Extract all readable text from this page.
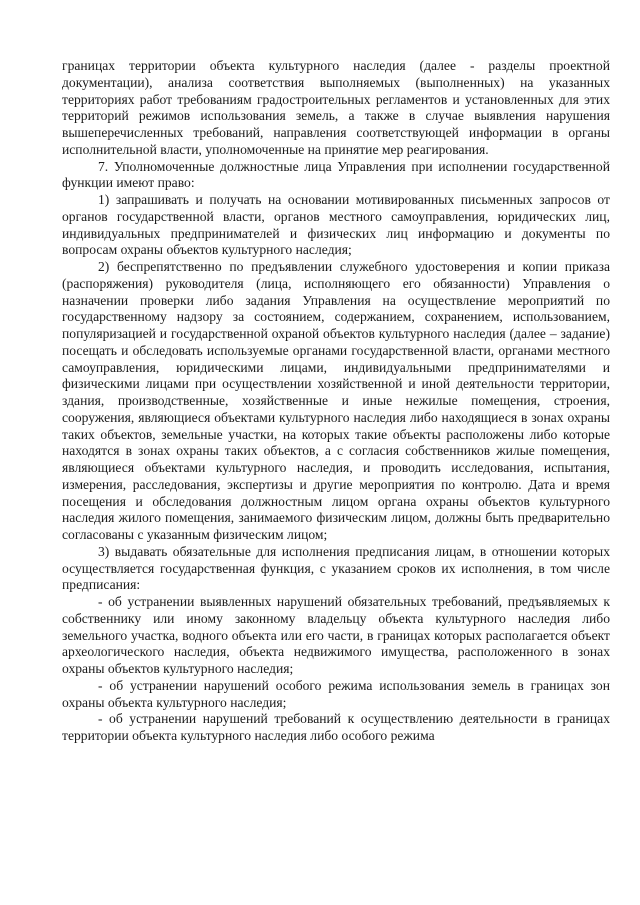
границах территории объекта культурного наследия (далее - разделы проектной документации), анализа соответствия выполняемых (выполненных) на указанных территориях работ требованиям градостроительных регламентов и установленных для этих территорий режимов использования земель, а также в случае выявления нарушения вышеперечисленных требований, направления соответствующей информации в органы исполнительной власти, уполномоченные на принятие мер реагирования.

7. Уполномоченные должностные лица Управления при исполнении государственной функции имеют право:

1) запрашивать и получать на основании мотивированных письменных запросов от органов государственной власти, органов местного самоуправления, юридических лиц, индивидуальных предпринимателей и физических лиц информацию и документы по вопросам охраны объектов культурного наследия;

2) беспрепятственно по предъявлении служебного удостоверения и копии приказа (распоряжения) руководителя (лица, исполняющего его обязанности) Управления о назначении проверки либо задания Управления на осуществление мероприятий по государственному надзору за состоянием, содержанием, сохранением, использованием, популяризацией и государственной охраной объектов культурного наследия (далее – задание) посещать и обследовать используемые органами государственной власти, органами местного самоуправления, юридическими лицами, индивидуальными предпринимателями и физическими лицами при осуществлении хозяйственной и иной деятельности территории, здания, производственные, хозяйственные и иные нежилые помещения, строения, сооружения, являющиеся объектами культурного наследия либо находящиеся в зонах охраны таких объектов, земельные участки, на которых такие объекты расположены либо которые находятся в зонах охраны таких объектов, а с согласия собственников жилые помещения, являющиеся объектами культурного наследия, и проводить исследования, испытания, измерения, расследования, экспертизы и другие мероприятия по контролю. Дата и время посещения и обследования должностным лицом органа охраны объектов культурного наследия жилого помещения, занимаемого физическим лицом, должны быть предварительно согласованы с указанным физическим лицом;

3) выдавать обязательные для исполнения предписания лицам, в отношении которых осуществляется государственная функция, с указанием сроков их исполнения, в том числе предписания:

- об устранении выявленных нарушений обязательных требований, предъявляемых к собственнику или иному законному владельцу объекта культурного наследия либо земельного участка, водного объекта или его части, в границах которых располагается объект археологического наследия, объекта недвижимого имущества, расположенного в зонах охраны объектов культурного наследия;

- об устранении нарушений особого режима использования земель в границах зон охраны объекта культурного наследия;

- об устранении нарушений требований к осуществлению деятельности в границах территории объекта культурного наследия либо особого режима
